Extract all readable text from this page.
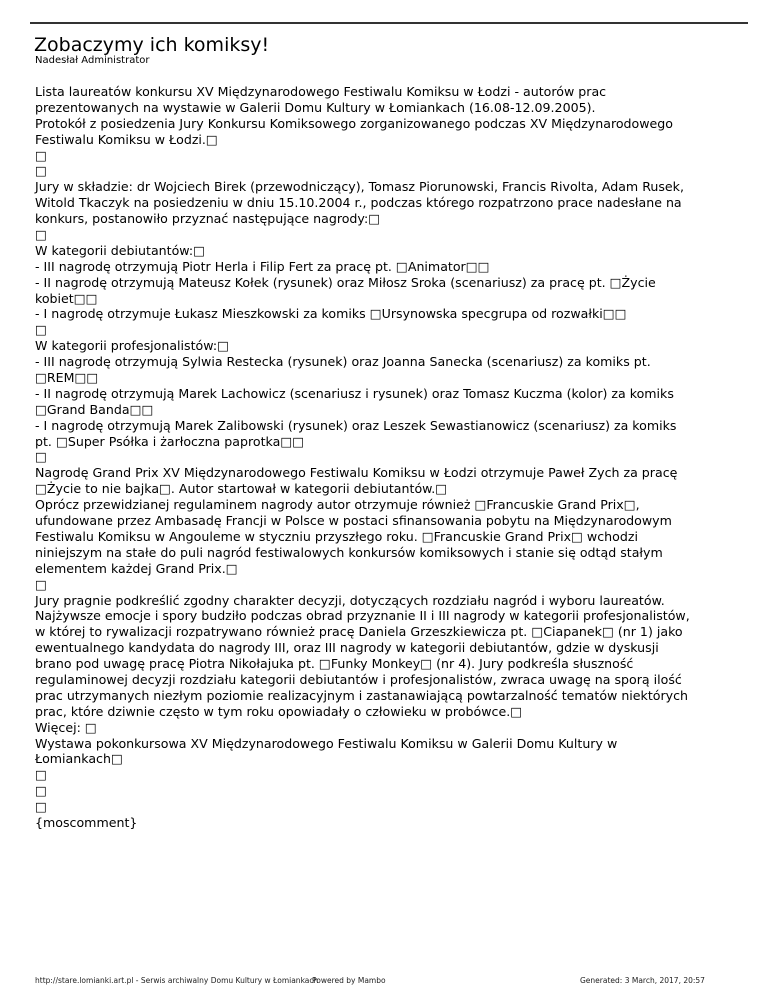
Zobaczymy ich komiksy!
Nadesłał Administrator
Lista laureatów konkursu XV Międzynarodowego Festiwalu Komiksu w Łodzi - autorów prac
prezentowanych na wystawie w Galerii Domu Kultury w Łomiankach (16.08-12.09.2005).
Protokół z posiedzenia Jury Konkursu Komiksowego zorganizowanego podczas XV Międzynarodowego
Festiwalu Komiksu w Łodzi.□
□
□
Jury w składzie: dr Wojciech Birek (przewodniczący), Tomasz Piorunowski, Francis Rivolta, Adam Rusek,
Witold Tkaczyk na posiedzeniu w dniu 15.10.2004 r., podczas którego rozpatrzono prace nadesłane na
konkurs, postanowiło przyznać następujące nagrody:□
□
W kategorii debiutantów:□
- III nagrodę otrzymują Piotr Herla i Filip Fert za pracę pt. □Animator□□
- II nagrodę otrzymują Mateusz Kołek (rysunek) oraz Miłosz Sroka (scenariusz) za pracę pt. □Życie
kobiet□□
- I nagrodę otrzymuje Łukasz Mieszkowski za komiks □Ursynowska specgrupa od rozwałki□□
□
W kategorii profesjonalistów:□
- III nagrodę otrzymują Sylwia Restecka (rysunek) oraz Joanna Sanecka (scenariusz) za komiks pt.
□REM□□
- II nagrodę otrzymują Marek Lachowicz (scenariusz i rysunek) oraz Tomasz Kuczma (kolor) za komiks
□Grand Banda□□
- I nagrodę otrzymują Marek Zalibowski (rysunek) oraz Leszek Sewastianowicz (scenariusz) za komiks
pt. □Super Psółka i żarłoczna paprotka□□
□
Nagrodę Grand Prix XV Międzynarodowego Festiwalu Komiksu w Łodzi otrzymuje Paweł Zych za pracę
□Życie to nie bajka□. Autor startował w kategorii debiutantów.□
Oprócz przewidzianej regulaminem nagrody autor otrzymuje również □Francuskie Grand Prix□,
ufundowane przez Ambasadę Francji w Polsce w postaci sfinansowania pobytu na Międzynarodowym
Festiwalu Komiksu w Angouleme w styczniu przyszłego roku. □Francuskie Grand Prix□ wchodzi
niniejszym na stałe do puli nagród festiwalowych konkursów komiksowych i stanie się odtąd stałym
elementem każdej Grand Prix.□
□
Jury pragnie podkreślić zgodny charakter decyzji, dotyczących rozdziału nagród i wyboru laureatów.
Najżywsze emocje i spory budziło podczas obrad przyznanie II i III nagrody w kategorii profesjonalistów,
w której to rywalizacji rozpatrywano również pracę Daniela Grzeszkiewicza pt. □Ciapanek□ (nr 1) jako
ewentualnego kandydata do nagrody III, oraz III nagrody w kategorii debiutantów, gdzie w dyskusji
brano pod uwagę pracę Piotra Nikołajuka pt. □Funky Monkey□ (nr 4). Jury podkreśla słuszność
regulaminowej decyzji rozdziału kategorii debiutantów i profesjonalistów, zwraca uwagę na sporą ilość
prac utrzymanych niezłym poziomie realizacyjnym i zastanawiającą powtarzalność tematów niektórych
prac, które dziwnie często w tym roku opowiadały o człowieku w probówce.□
Więcej: □
Wystawa pokonkursowa XV Międzynarodowego Festiwalu Komiksu w Galerii Domu Kultury w
Łomiankach□
□
□
□
{moscomment}
http://stare.lomianki.art.pl - Serwis archiwalny Domu Kultury w Łomiankach
Powered by Mambo	Generated: 3 March, 2017, 20:57
